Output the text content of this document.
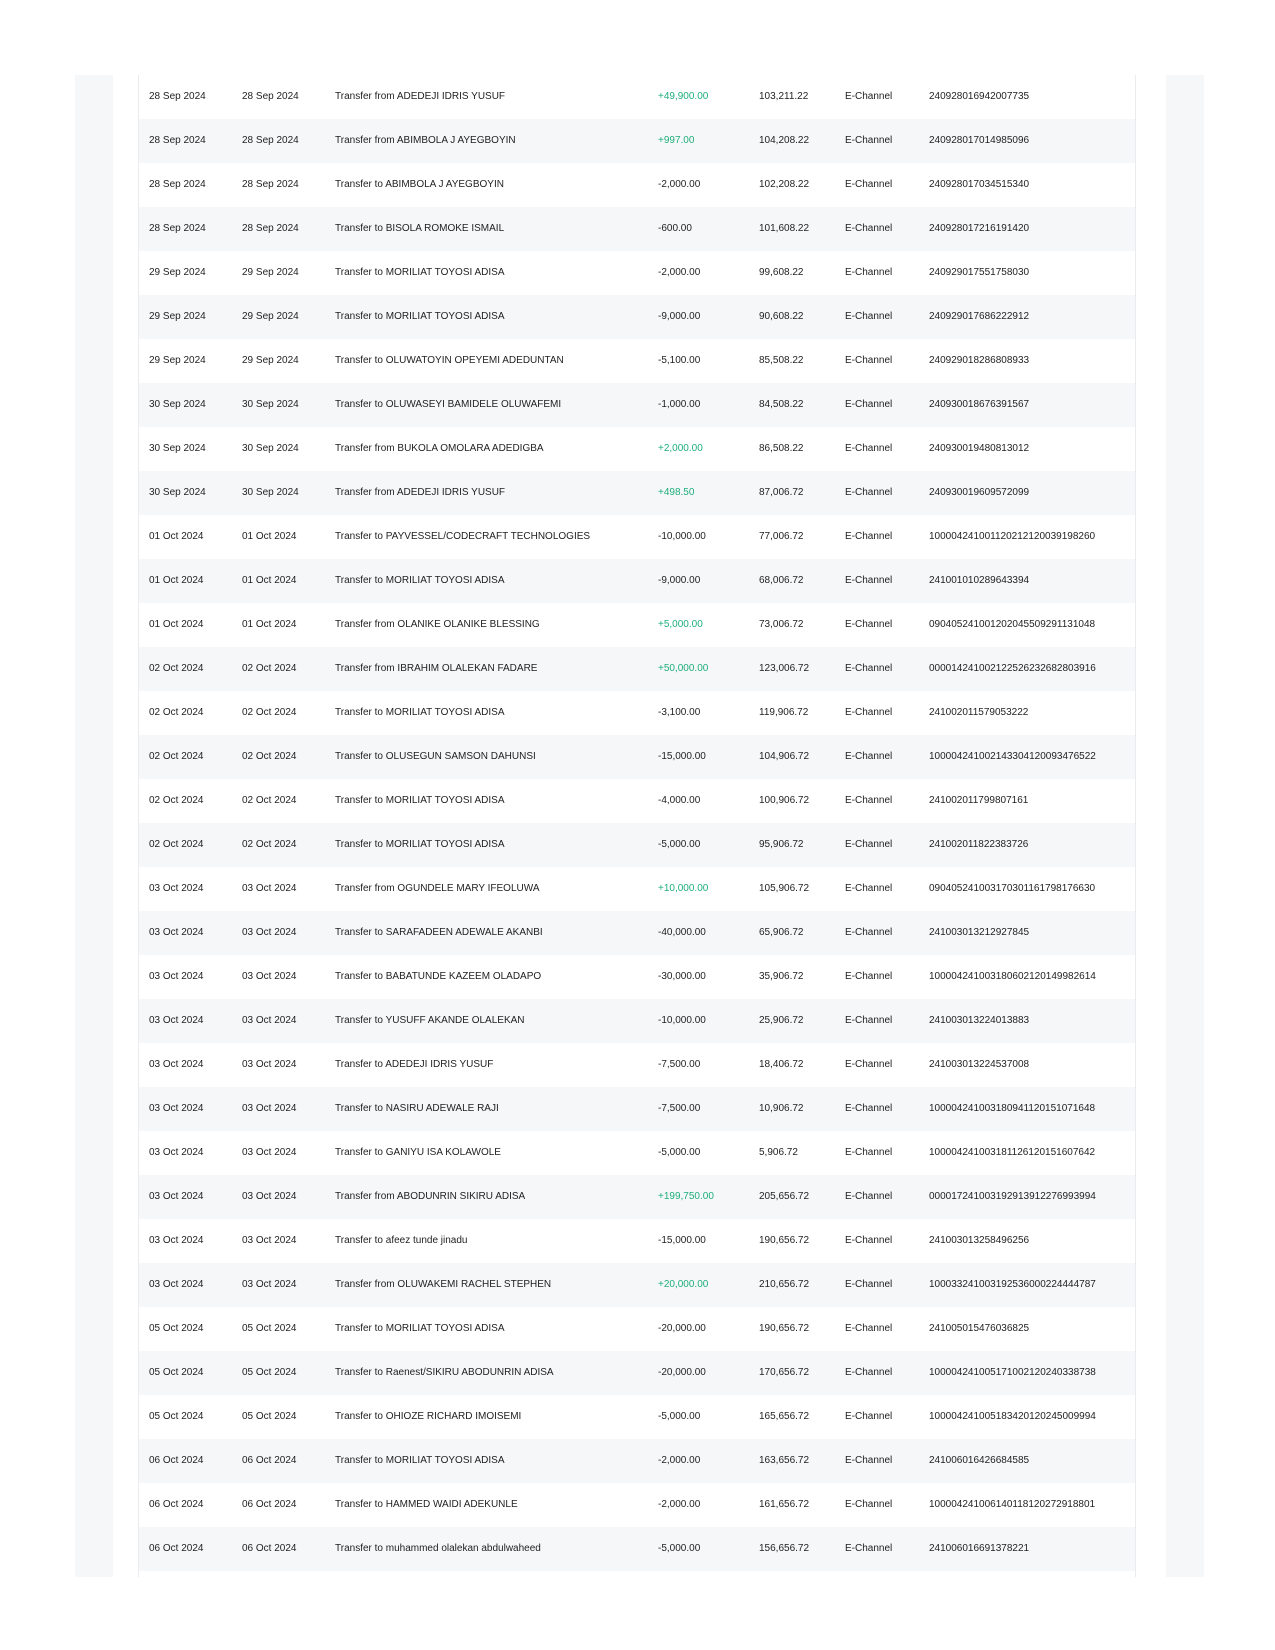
28 Sep 2024	28 Sep 2024	Transfer from ADEDEJI IDRIS YUSUF	+49,900.00	103,211.22	E-Channel	240928016942007735
28 Sep 2024	28 Sep 2024	Transfer from ABIMBOLA J AYEGBOYIN	+997.00	104,208.22	E-Channel	240928017014985096
28 Sep 2024	28 Sep 2024	Transfer to ABIMBOLA J AYEGBOYIN	-2,000.00	102,208.22	E-Channel	240928017034515340
28 Sep 2024	28 Sep 2024	Transfer to BISOLA ROMOKE ISMAIL	-600.00	101,608.22	E-Channel	240928017216191420
29 Sep 2024	29 Sep 2024	Transfer to MORILIAT TOYOSI ADISA	-2,000.00	99,608.22	E-Channel	240929017551758030
29 Sep 2024	29 Sep 2024	Transfer to MORILIAT TOYOSI ADISA	-9,000.00	90,608.22	E-Channel	240929017686222912
29 Sep 2024	29 Sep 2024	Transfer to OLUWATOYIN OPEYEMI ADEDUNTAN	-5,100.00	85,508.22	E-Channel	240929018286808933
30 Sep 2024	30 Sep 2024	Transfer to OLUWASEYI BAMIDELE OLUWAFEMI	-1,000.00	84,508.22	E-Channel	240930018676391567
30 Sep 2024	30 Sep 2024	Transfer from BUKOLA OMOLARA ADEDIGBA	+2,000.00	86,508.22	E-Channel	240930019480813012
30 Sep 2024	30 Sep 2024	Transfer from ADEDEJI IDRIS YUSUF	+498.50	87,006.72	E-Channel	240930019609572099
01 Oct 2024	01 Oct 2024	Transfer to PAYVESSEL/CODECRAFT TECHNOLOGIES	-10,000.00	77,006.72	E-Channel	100004241001120212120039198260
01 Oct 2024	01 Oct 2024	Transfer to MORILIAT TOYOSI ADISA	-9,000.00	68,006.72	E-Channel	241001010289643394
01 Oct 2024	01 Oct 2024	Transfer from OLANIKE OLANIKE BLESSING	+5,000.00	73,006.72	E-Channel	090405241001202045509291131048
02 Oct 2024	02 Oct 2024	Transfer from IBRAHIM OLALEKAN FADARE	+50,000.00	123,006.72	E-Channel	000014241002122526232682803916
02 Oct 2024	02 Oct 2024	Transfer to MORILIAT TOYOSI ADISA	-3,100.00	119,906.72	E-Channel	241002011579053222
02 Oct 2024	02 Oct 2024	Transfer to OLUSEGUN SAMSON DAHUNSI	-15,000.00	104,906.72	E-Channel	100004241002143304120093476522
02 Oct 2024	02 Oct 2024	Transfer to MORILIAT TOYOSI ADISA	-4,000.00	100,906.72	E-Channel	241002011799807161
02 Oct 2024	02 Oct 2024	Transfer to MORILIAT TOYOSI ADISA	-5,000.00	95,906.72	E-Channel	241002011822383726
03 Oct 2024	03 Oct 2024	Transfer from OGUNDELE MARY IFEOLUWA	+10,000.00	105,906.72	E-Channel	090405241003170301161798176630
03 Oct 2024	03 Oct 2024	Transfer to SARAFADEEN ADEWALE AKANBI	-40,000.00	65,906.72	E-Channel	241003013212927845
03 Oct 2024	03 Oct 2024	Transfer to BABATUNDE KAZEEM OLADAPO	-30,000.00	35,906.72	E-Channel	100004241003180602120149982614
03 Oct 2024	03 Oct 2024	Transfer to YUSUFF AKANDE OLALEKAN	-10,000.00	25,906.72	E-Channel	241003013224013883
03 Oct 2024	03 Oct 2024	Transfer to ADEDEJI IDRIS YUSUF	-7,500.00	18,406.72	E-Channel	241003013224537008
03 Oct 2024	03 Oct 2024	Transfer to NASIRU ADEWALE RAJI	-7,500.00	10,906.72	E-Channel	100004241003180941120151071648
03 Oct 2024	03 Oct 2024	Transfer to GANIYU ISA KOLAWOLE	-5,000.00	5,906.72	E-Channel	100004241003181126120151607642
03 Oct 2024	03 Oct 2024	Transfer from ABODUNRIN SIKIRU ADISA	+199,750.00	205,656.72	E-Channel	000017241003192913912276993994
03 Oct 2024	03 Oct 2024	Transfer to afeez tunde jinadu	-15,000.00	190,656.72	E-Channel	241003013258496256
03 Oct 2024	03 Oct 2024	Transfer from OLUWAKEMI RACHEL STEPHEN	+20,000.00	210,656.72	E-Channel	100033241003192536000224444787
05 Oct 2024	05 Oct 2024	Transfer to MORILIAT TOYOSI ADISA	-20,000.00	190,656.72	E-Channel	241005015476036825
05 Oct 2024	05 Oct 2024	Transfer to Raenest/SIKIRU ABODUNRIN ADISA	-20,000.00	170,656.72	E-Channel	100004241005171002120240338738
05 Oct 2024	05 Oct 2024	Transfer to OHIOZE RICHARD IMOISEMI	-5,000.00	165,656.72	E-Channel	100004241005183420120245009994
06 Oct 2024	06 Oct 2024	Transfer to MORILIAT TOYOSI ADISA	-2,000.00	163,656.72	E-Channel	241006016426684585
06 Oct 2024	06 Oct 2024	Transfer to HAMMED WAIDI ADEKUNLE	-2,000.00	161,656.72	E-Channel	100004241006140118120272918801
06 Oct 2024	06 Oct 2024	Transfer to muhammed olalekan abdulwaheed	-5,000.00	156,656.72	E-Channel	241006016691378221
